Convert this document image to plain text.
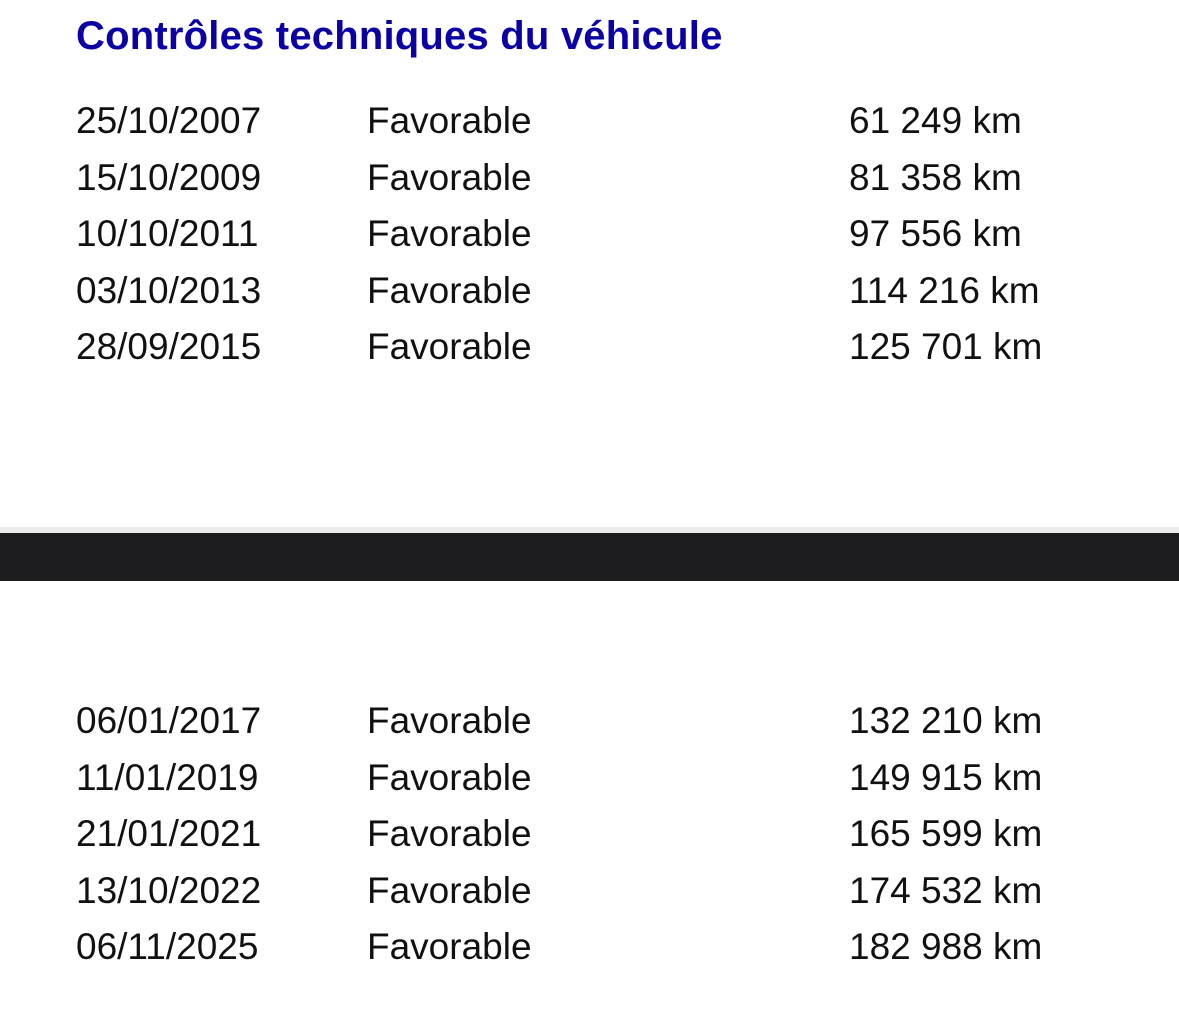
Contrôles techniques du véhicule
25/10/2007	Favorable	61 249 km
15/10/2009	Favorable	81 358 km
10/10/2011	Favorable	97 556 km
03/10/2013	Favorable	114 216 km
28/09/2015	Favorable	125 701 km
06/01/2017	Favorable	132 210 km
11/01/2019	Favorable	149 915 km
21/01/2021	Favorable	165 599 km
13/10/2022	Favorable	174 532 km
06/11/2025	Favorable	182 988 km
